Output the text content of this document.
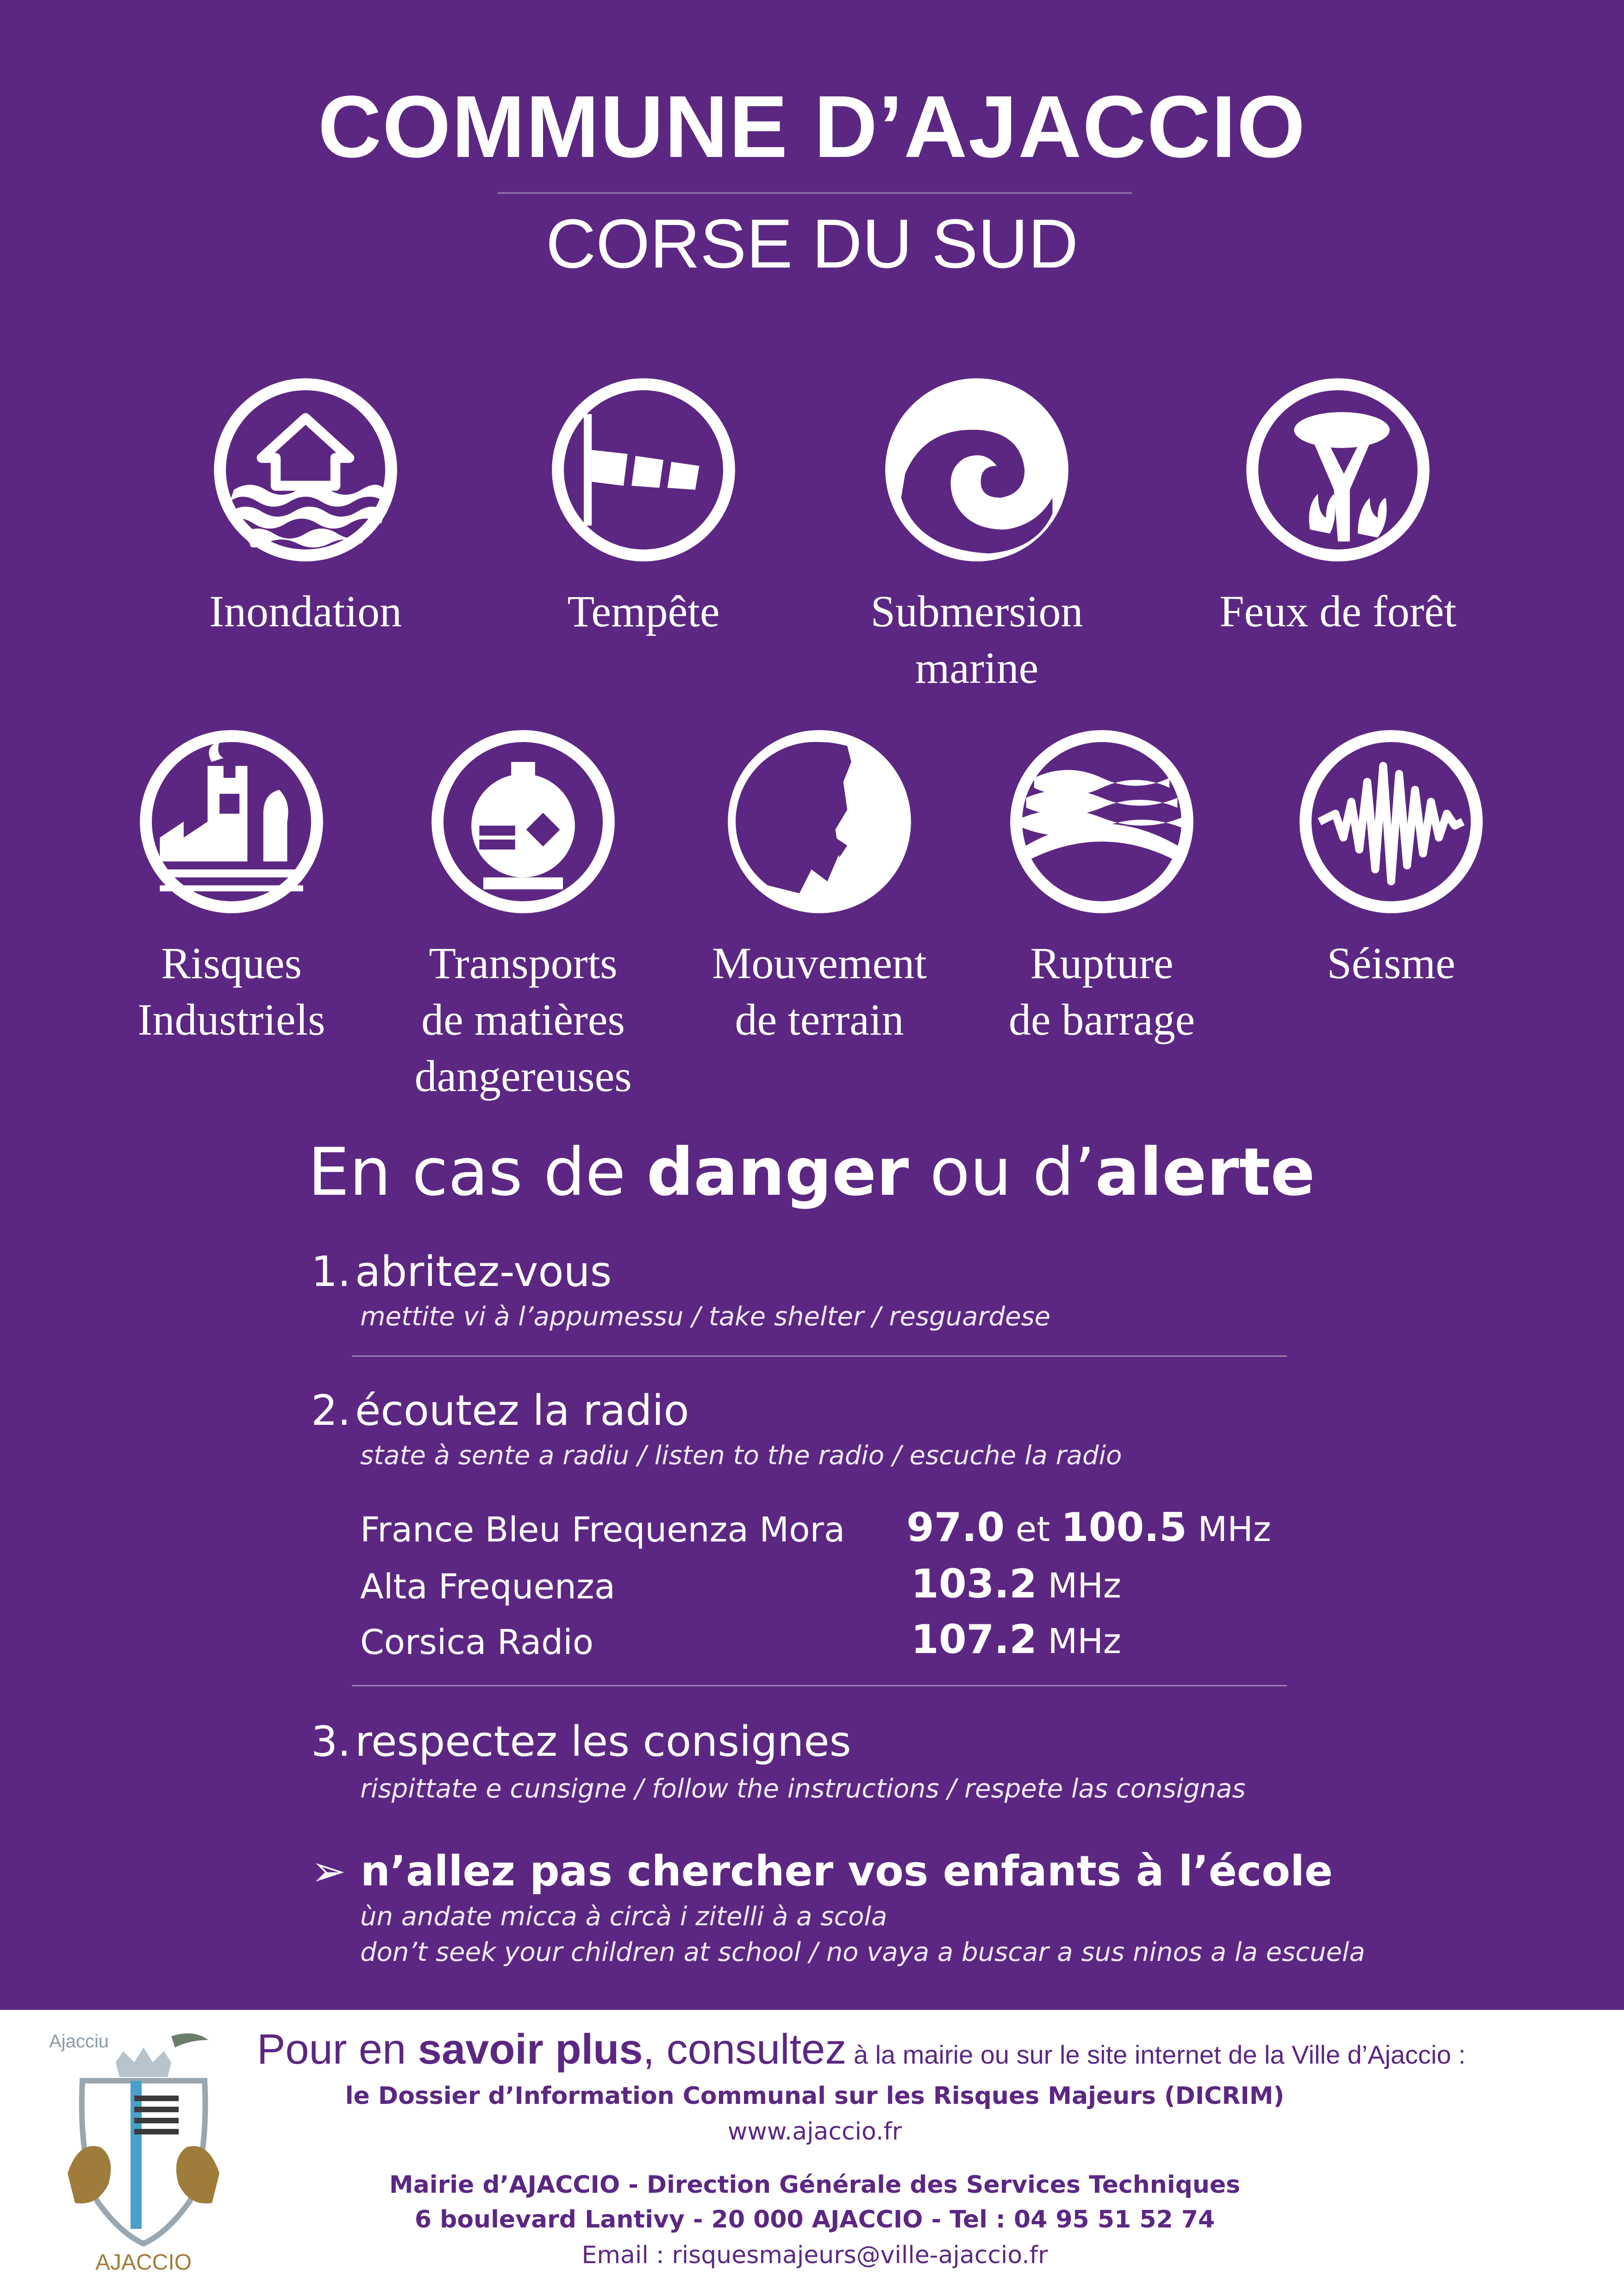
COMMUNE D’AJACCIO
CORSE DU SUD
Inondation	Tempête	Submersion
marine
Feux de forêt
Risques
Industriels
Transports
de matières
dangereuses
Mouvement
de terrain
Rupture
de barrage
Séisme
En cas de danger ou d’alerte
1. abritez-vous
mettite vi à l’appumessu / take shelter / resguardese
2. écoutez la radio
state à sente a radiu / listen to the radio / escuche la radio
France Bleu Frequenza Mora 97.0 et 100.5 MHz
Alta Frequenza	103.2 MHz
Corsica Radio	107.2 MHz
3. respectez les consignes
rispittate e cunsigne / follow the instructions / respete las consignas
➢ n’allez pas chercher vos enfants à l’école
ùn andate micca à circà i zitelli à a scola
don’t seek your children at school / no vaya a buscar a sus ninos a la escuela
Ajacciu
AJACCIO
Pour en savoir plus, consultez à la mairie ou sur le site internet de la Ville d’Ajaccio :
le Dossier d’Information Communal sur les Risques Majeurs (DICRIM)
www.ajaccio.fr
Mairie d’AJACCIO - Direction Générale des Services Techniques
6 boulevard Lantivy - 20 000 AJACCIO - Tel : 04 95 51 52 74
Email : risquesmajeurs@ville-ajaccio.fr
